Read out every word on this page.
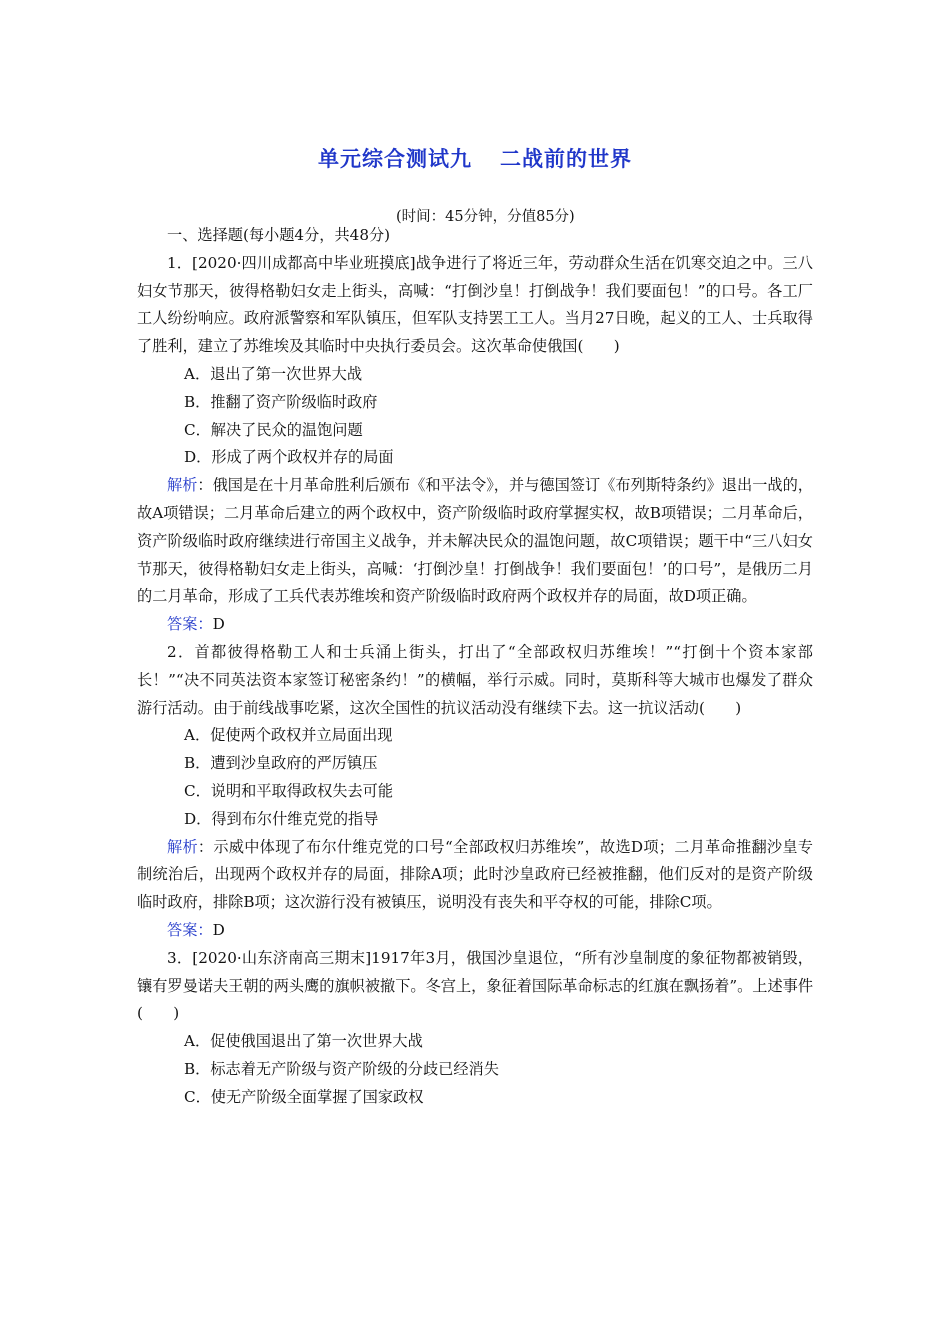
单元综合测试九 二战前的世界
(时间：45分钟，分值85分)

一、选择题(每小题4分，共48分)

1．[2020·四川成都高中毕业班摸底]战争进行了将近三年，劳动群众生活在饥寒交迫之中。三八妇女节那天，彼得格勒妇女走上街头，高喊：“打倒沙皇！打倒战争！我们要面包！”的口号。各工厂工人纷纷响应。政府派警察和军队镇压，但军队支持罢工工人。当月27日晚，起义的工人、士兵取得了胜利，建立了苏维埃及其临时中央执行委员会。这次革命使俄国(　　)

A．退出了第一次世界大战

B．推翻了资产阶级临时政府

C．解决了民众的温饱问题

D．形成了两个政权并存的局面

解析：俄国是在十月革命胜利后颁布《和平法令》，并与德国签订《布列斯特条约》退出一战的，故A项错误；二月革命后建立的两个政权中，资产阶级临时政府掌握实权，故B项错误；二月革命后，资产阶级临时政府继续进行帝国主义战争，并未解决民众的温饱问题，故C项错误；题干中“三八妇女节那天，彼得格勒妇女走上街头，高喊：‘打倒沙皇！打倒战争！我们要面包！’的口号”，是俄历二月的二月革命，形成了工兵代表苏维埃和资产阶级临时政府两个政权并存的局面，故D项正确。

答案：D

2．首都彼得格勒工人和士兵涌上街头，打出了“全部政权归苏维埃！”“打倒十个资本家部长！”“决不同英法资本家签订秘密条约！”的横幅，举行示威。同时，莫斯科等大城市也爆发了群众游行活动。由于前线战事吃紧，这次全国性的抗议活动没有继续下去。这一抗议活动(　　)

A．促使两个政权并立局面出现

B．遭到沙皇政府的严厉镇压

C．说明和平取得政权失去可能

D．得到布尔什维克党的指导

解析：示威中体现了布尔什维克党的口号“全部政权归苏维埃”，故选D项；二月革命推翻沙皇专制统治后，出现两个政权并存的局面，排除A项；此时沙皇政府已经被推翻，他们反对的是资产阶级临时政府，排除B项；这次游行没有被镇压，说明没有丧失和平夺权的可能，排除C项。

答案：D

3．[2020·山东济南高三期末]1917年3月，俄国沙皇退位，“所有沙皇制度的象征物都被销毁，镶有罗曼诺夫王朝的两头鹰的旗帜被撤下。冬宫上，象征着国际革命标志的红旗在飘扬着”。上述事件(　　)

A．促使俄国退出了第一次世界大战

B．标志着无产阶级与资产阶级的分歧已经消失

C．使无产阶级全面掌握了国家政权
